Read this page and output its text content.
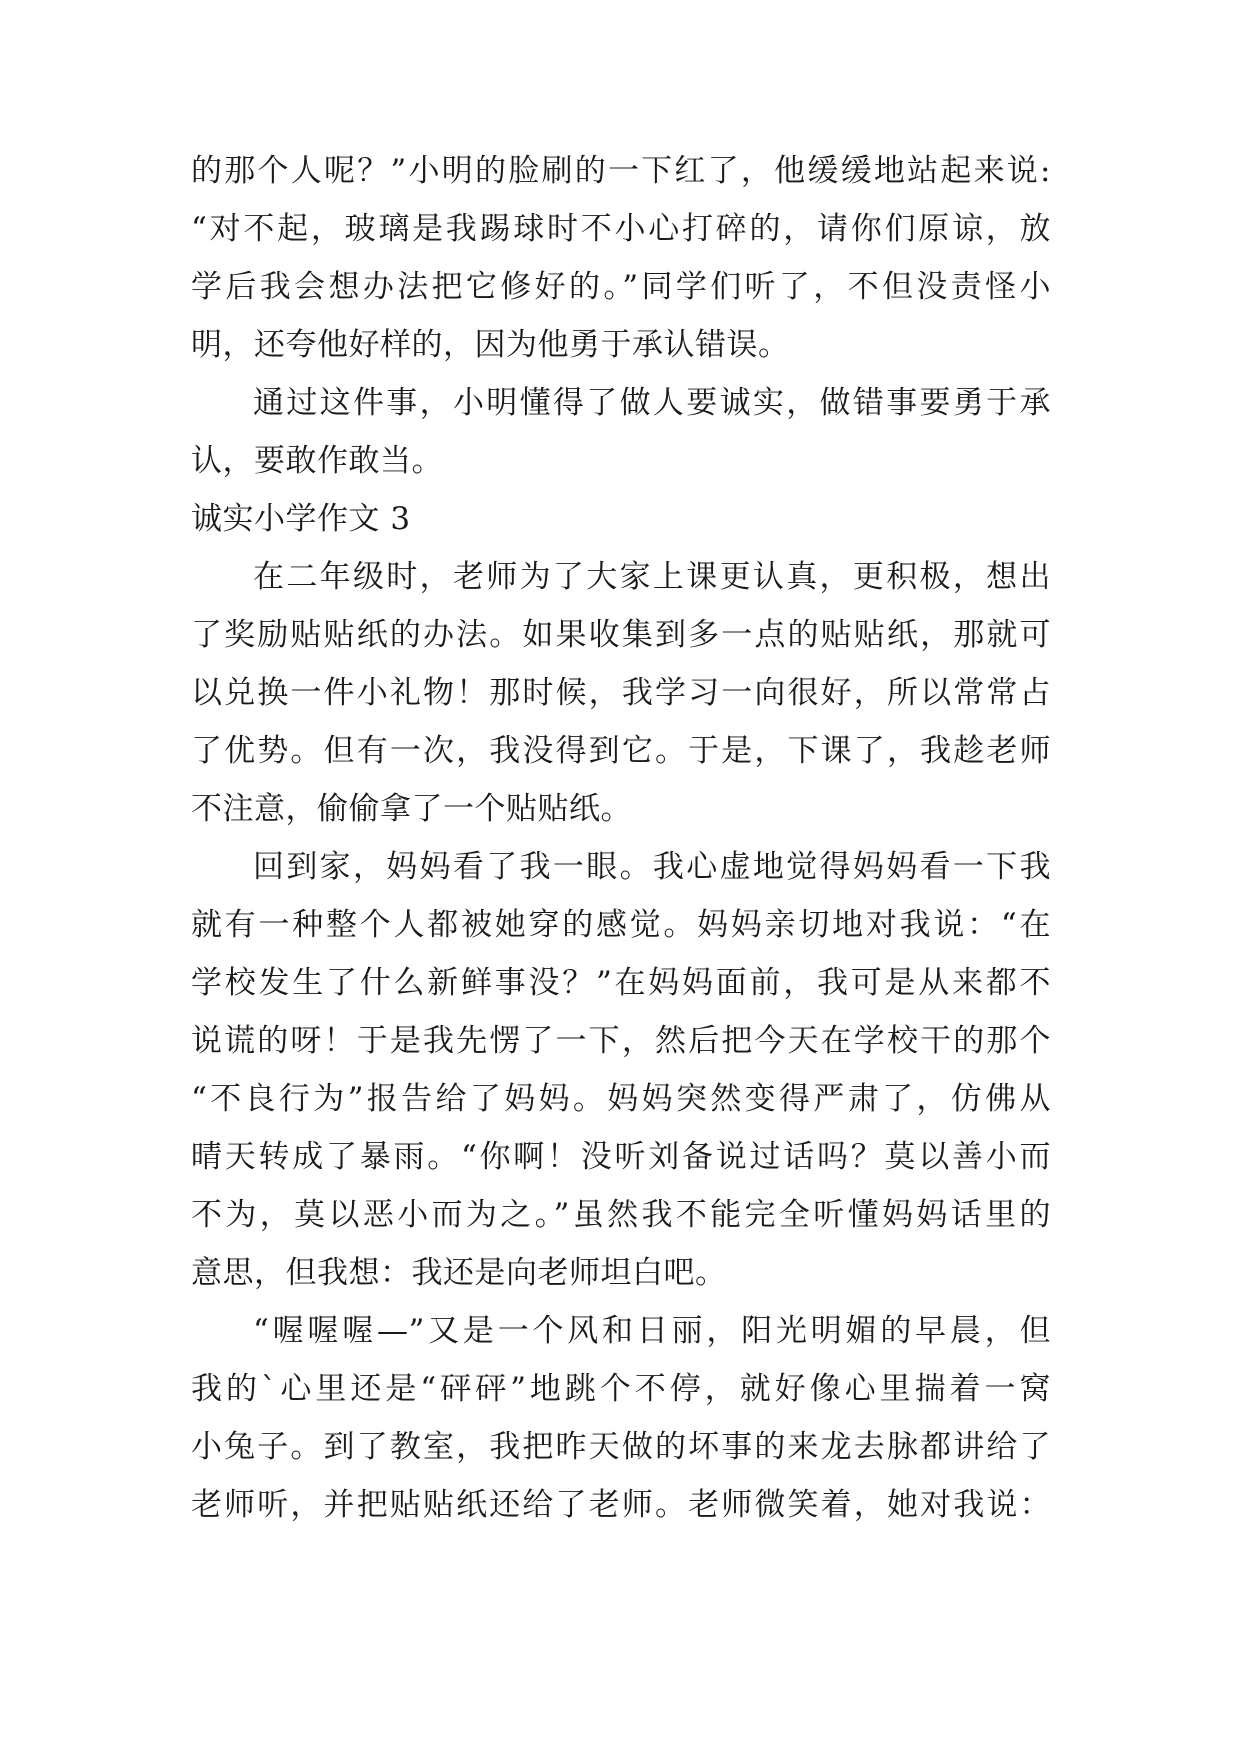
的那个人呢？”小明的脸刷的一下红了，他缓缓地站起来说:
“对不起，玻璃是我踢球时不小心打碎的，请你们原谅，放
学后我会想办法把它修好的。”同学们听了，不但没责怪小
明，还夸他好样的，因为他勇于承认错误。
通过这件事，小明懂得了做人要诚实，做错事要勇于承
认，要敢作敢当。
诚实小学作文 3
在二年级时，老师为了大家上课更认真，更积极，想出
了奖励贴贴纸的办法。如果收集到多一点的贴贴纸，那就可
以兑换一件小礼物！那时候，我学习一向很好，所以常常占
了优势。但有一次，我没得到它。于是，下课了，我趁老师
不注意，偷偷拿了一个贴贴纸。
回到家，妈妈看了我一眼。我心虚地觉得妈妈看一下我
就有一种整个人都被她穿的感觉。妈妈亲切地对我说：“在
学校发生了什么新鲜事没？”在妈妈面前，我可是从来都不
说谎的呀！于是我先愣了一下，然后把今天在学校干的那个
“不良行为”报告给了妈妈。妈妈突然变得严肃了，仿佛从
晴天转成了暴雨。“你啊！没听刘备说过话吗？莫以善小而
不为，莫以恶小而为之。”虽然我不能完全听懂妈妈话里的
意思，但我想：我还是向老师坦白吧。
“喔喔喔—”又是一个风和日丽，阳光明媚的早晨，但
我的`心里还是“砰砰”地跳个不停，就好像心里揣着一窝
小兔子。到了教室，我把昨天做的坏事的来龙去脉都讲给了
老师听，并把贴贴纸还给了老师。老师微笑着，她对我说：
